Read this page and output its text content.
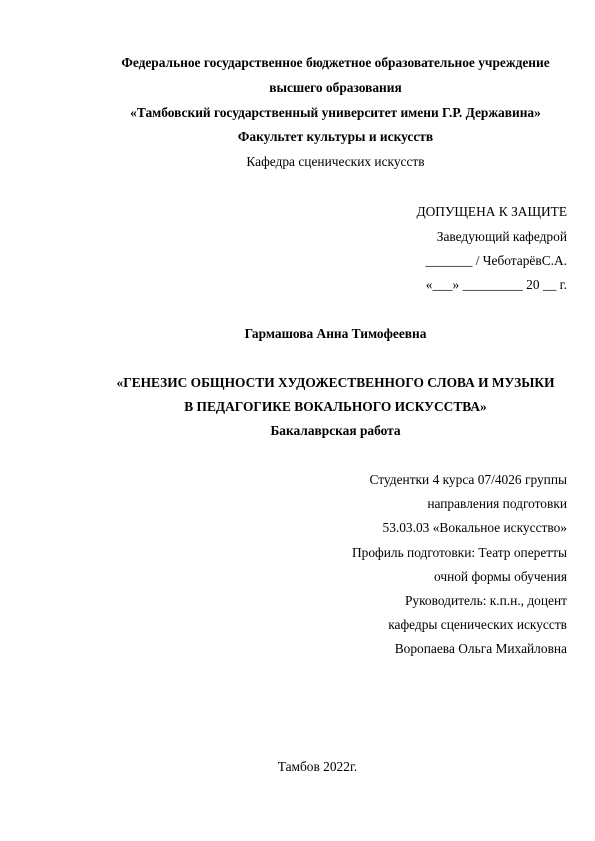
Федеральное государственное бюджетное образовательное учреждение
высшего образования
«Тамбовский государственный университет имени Г.Р. Державина»
Факультет культуры и искусств
Кафедра сценических искусств
ДОПУЩЕНА К ЗАЩИТЕ
Заведующий кафедрой
_______ / ЧеботарёвС.А.
«___» _________ 20 __ г.
Гармашова Анна Тимофеевна
«ГЕНЕЗИС ОБЩНОСТИ ХУДОЖЕСТВЕННОГО СЛОВА И МУЗЫКИ
В ПЕДАГОГИКЕ ВОКАЛЬНОГО ИСКУССТВА»
Бакалаврская работа
Студентки 4 курса 07/4026 группы
направления подготовки
53.03.03 «Вокальное искусство»
Профиль подготовки: Театр оперетты
очной формы обучения
Руководитель: к.п.н., доцент
кафедры сценических искусств
Воропаева Ольга Михайловна
Тамбов 2022г.
